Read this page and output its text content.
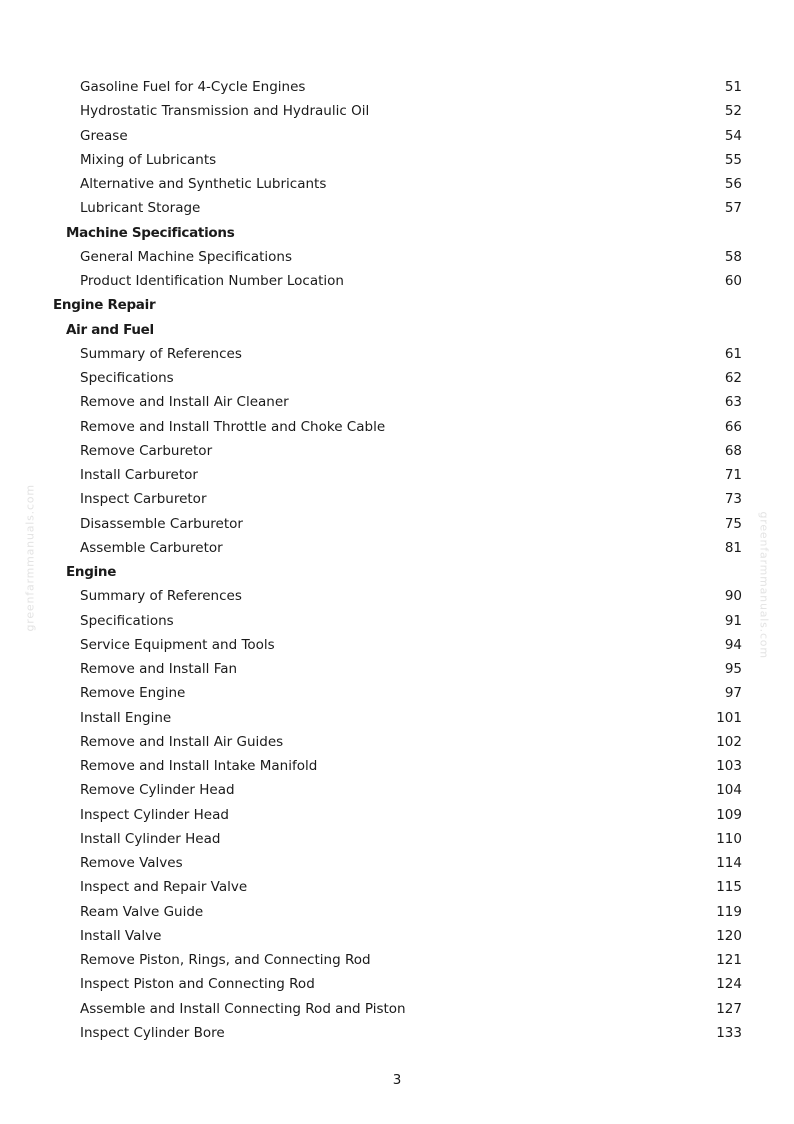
greenfarmmanuals.com	greenfarmmanuals.com
Gasoline Fuel for 4-Cycle Engines	51
Hydrostatic Transmission and Hydraulic Oil	52
Grease	54
Mixing of Lubricants	55
Alternative and Synthetic Lubricants	56
Lubricant Storage	57
Machine Specifications
General Machine Specifications	58
Product Identification Number Location	60
Engine Repair
Air and Fuel
Summary of References	61
Specifications	62
Remove and Install Air Cleaner	63
Remove and Install Throttle and Choke Cable	66
Remove Carburetor	68
Install Carburetor	71
Inspect Carburetor	73
Disassemble Carburetor	75
Assemble Carburetor	81
Engine
Summary of References	90
Specifications	91
Service Equipment and Tools	94
Remove and Install Fan	95
Remove Engine	97
Install Engine	101
Remove and Install Air Guides	102
Remove and Install Intake Manifold	103
Remove Cylinder Head	104
Inspect Cylinder Head	109
Install Cylinder Head	110
Remove Valves	114
Inspect and Repair Valve	115
Ream Valve Guide	119
Install Valve	120
Remove Piston, Rings, and Connecting Rod	121
Inspect Piston and Connecting Rod	124
Assemble and Install Connecting Rod and Piston	127
Inspect Cylinder Bore	133
3
